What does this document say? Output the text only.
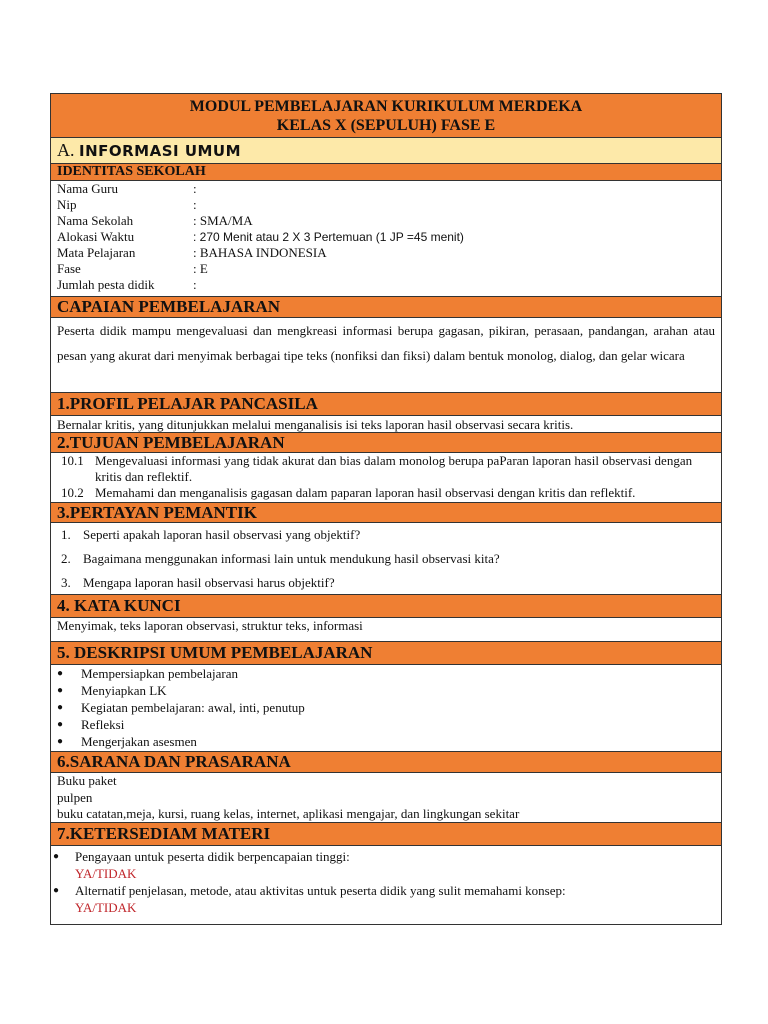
MODUL PEMBELAJARAN KURIKULUM MERDEKA
KELAS X (SEPULUH) FASE E
A. INFORMASI UMUM
IDENTITAS SEKOLAH
Nama Guru	:
Nip	:
Nama Sekolah	: SMA/MA
Alokasi Waktu	: 270 Menit atau 2 X 3 Pertemuan (1 JP =45 menit)
Mata Pelajaran	: BAHASA INDONESIA
Fase	: E
Jumlah pesta didik	:
CAPAIAN PEMBELAJARAN
Peserta didik mampu mengevaluasi dan mengkreasi informasi berupa gagasan, pikiran, perasaan, pandangan, arahan atau pesan yang akurat dari menyimak berbagai tipe teks (nonfiksi dan fiksi) dalam bentuk monolog, dialog, dan gelar wicara
1.PROFIL PELAJAR PANCASILA
Bernalar kritis, yang ditunjukkan melalui menganalisis isi teks laporan hasil observasi secara kritis.
2.TUJUAN PEMBELAJARAN
10.1 Mengevaluasi informasi yang tidak akurat dan bias dalam monolog berupa paParan laporan hasil observasi dengan kritis dan reflektif.
10.2 Memahami dan menganalisis gagasan dalam paparan laporan hasil observasi dengan kritis dan reflektif.
3.PERTAYAN PEMANTIK
1. Seperti apakah laporan hasil observasi yang objektif?
2. Bagaimana menggunakan informasi lain untuk mendukung hasil observasi kita?
3. Mengapa laporan hasil observasi harus objektif?
4. KATA KUNCI
Menyimak, teks laporan observasi, struktur teks, informasi
5. DESKRIPSI UMUM PEMBELAJARAN
●	Mempersiapkan pembelajaran
●	Menyiapkan LK
●	Kegiatan pembelajaran: awal, inti, penutup
●	Refleksi
●	Mengerjakan asesmen
6.SARANA DAN PRASARANA
Buku paket
pulpen
buku catatan,meja, kursi, ruang kelas, internet, aplikasi mengajar, dan lingkungan sekitar
7.KETERSEDIAM MATERI
●	Pengayaan untuk peserta didik berpencapaian tinggi:
YA/TIDAK
●	Alternatif penjelasan, metode, atau aktivitas untuk peserta didik yang sulit memahami konsep:
YA/TIDAK
